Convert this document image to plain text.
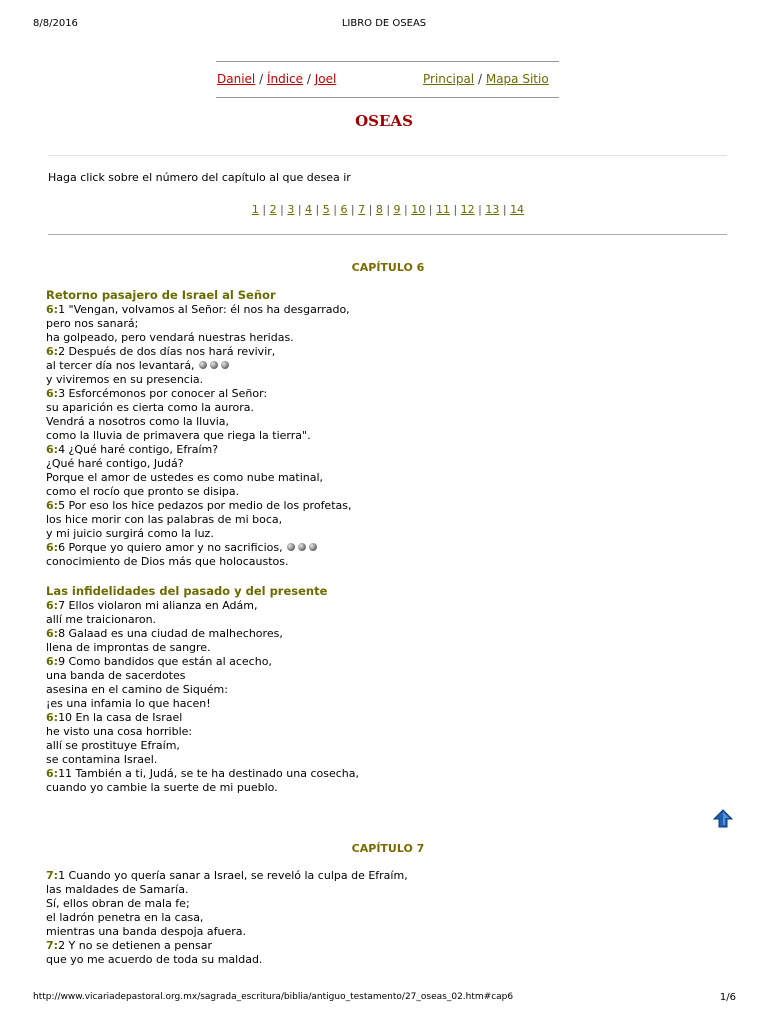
8/8/2016	LIBRO DE OSEAS
Daniel / Índice / Joel	Principal / Mapa Sitio
OSEAS
Haga click sobre el número del capítulo al que desea ir
1 | 2 | 3 | 4 | 5 | 6 | 7 | 8 | 9 | 10 | 11 | 12 | 13 | 14
CAPÍTULO 6
Retorno pasajero de Israel al Señor
6:1 "Vengan, volvamos al Señor: él nos ha desgarrado,
pero nos sanará;
ha golpeado, pero vendará nuestras heridas.
6:2 Después de dos días nos hará revivir,
al tercer día nos levantará,
y viviremos en su presencia.
6:3 Esforcémonos por conocer al Señor:
su aparición es cierta como la aurora.
Vendrá a nosotros como la lluvia,
como la lluvia de primavera que riega la tierra".
6:4 ¿Qué haré contigo, Efraím?
¿Qué haré contigo, Judá?
Porque el amor de ustedes es como nube matinal,
como el rocío que pronto se disipa.
6:5 Por eso los hice pedazos por medio de los profetas,
los hice morir con las palabras de mi boca,
y mi juicio surgirá como la luz.
6:6 Porque yo quiero amor y no sacrificios,
conocimiento de Dios más que holocaustos.
Las infidelidades del pasado y del presente
6:7 Ellos violaron mi alianza en Adám,
allí me traicionaron.
6:8 Galaad es una ciudad de malhechores,
llena de improntas de sangre.
6:9 Como bandidos que están al acecho,
una banda de sacerdotes
asesina en el camino de Siquém:
¡es una infamia lo que hacen!
6:10 En la casa de Israel
he visto una cosa horrible:
allí se prostituye Efraím,
se contamina Israel.
6:11 También a ti, Judá, se te ha destinado una cosecha,
cuando yo cambie la suerte de mi pueblo.
CAPÍTULO 7
7:1 Cuando yo quería sanar a Israel, se reveló la culpa de Efraím,
las maldades de Samaría.
Sí, ellos obran de mala fe;
el ladrón penetra en la casa,
mientras una banda despoja afuera.
7:2 Y no se detienen a pensar
que yo me acuerdo de toda su maldad.
http://www.vicariadepastoral.org.mx/sagrada_escritura/biblia/antiguo_testamento/27_oseas_02.htm#cap6	1/6
